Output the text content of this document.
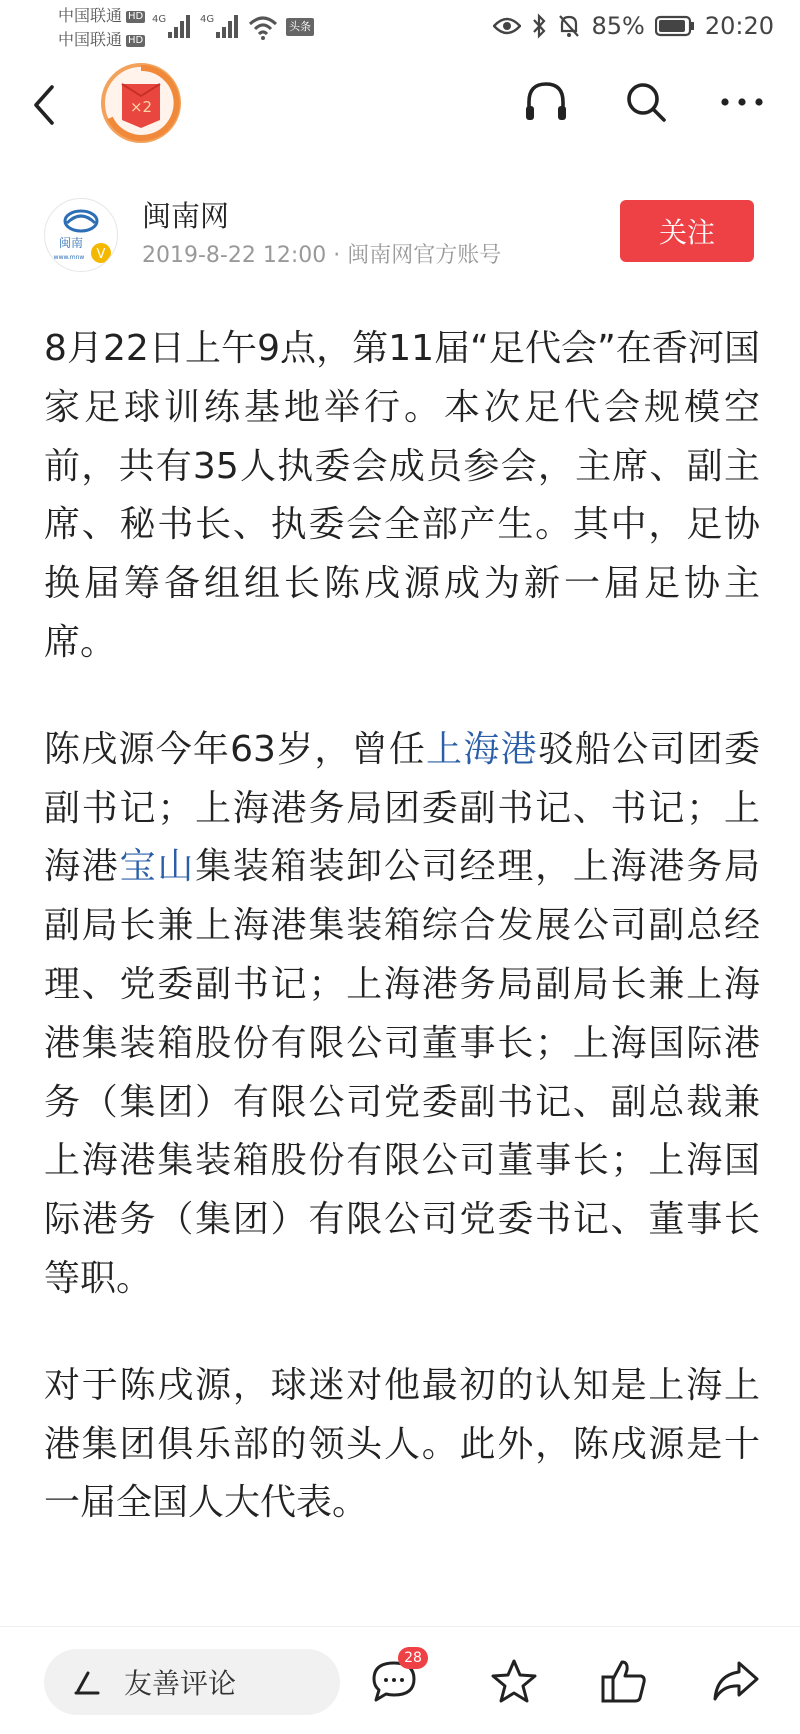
中国联通 HD
中国联通 HD
4G	4G
头条	85%	20:20
×2
闽南
www.mnw V
闽南网
2019-8-22 12:00 · 闽南网官方账号
关注

8月22日上午9点，第11届“足代会”在香河国家足球训练基地举行。本次足代会规模空前，共有35人执委会成员参会，主席、副主席、秘书长、执委会全部产生。其中，足协换届筹备组组长陈戌源成为新一届足协主席。

陈戌源今年63岁，曾任上海港驳船公司团委副书记；上海港务局团委副书记、书记；上海港宝山集装箱装卸公司经理，上海港务局副局长兼上海港集装箱综合发展公司副总经理、党委副书记；上海港务局副局长兼上海港集装箱股份有限公司董事长；上海国际港务（集团）有限公司党委副书记、副总裁兼上海港集装箱股份有限公司董事长；上海国际港务（集团）有限公司党委书记、董事长等职。

对于陈戌源，球迷对他最初的认知是上海上港集团俱乐部的领头人。此外，陈戌源是十一届全国人大代表。

友善评论
28
